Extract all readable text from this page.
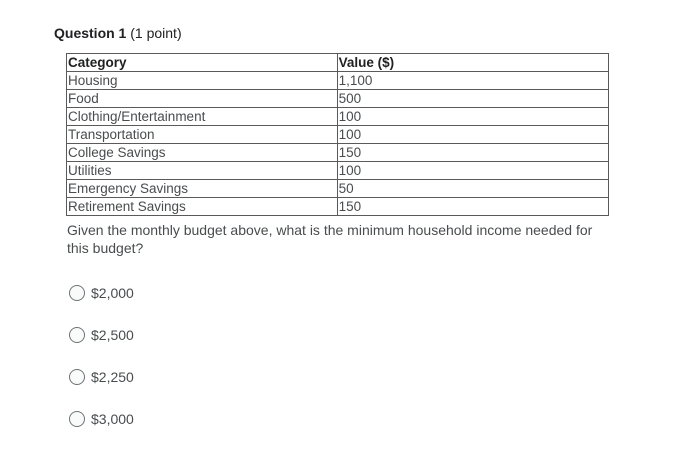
Question 1 (1 point)
Category	Value ($)
Housing	1,100
Food	500
Clothing/Entertainment	100
Transportation	100
College Savings	150
Utilities	100
Emergency Savings	50
Retirement Savings	150
Given the monthly budget above, what is the minimum household income needed for this budget?
$2,000
$2,500
$2,250
$3,000
